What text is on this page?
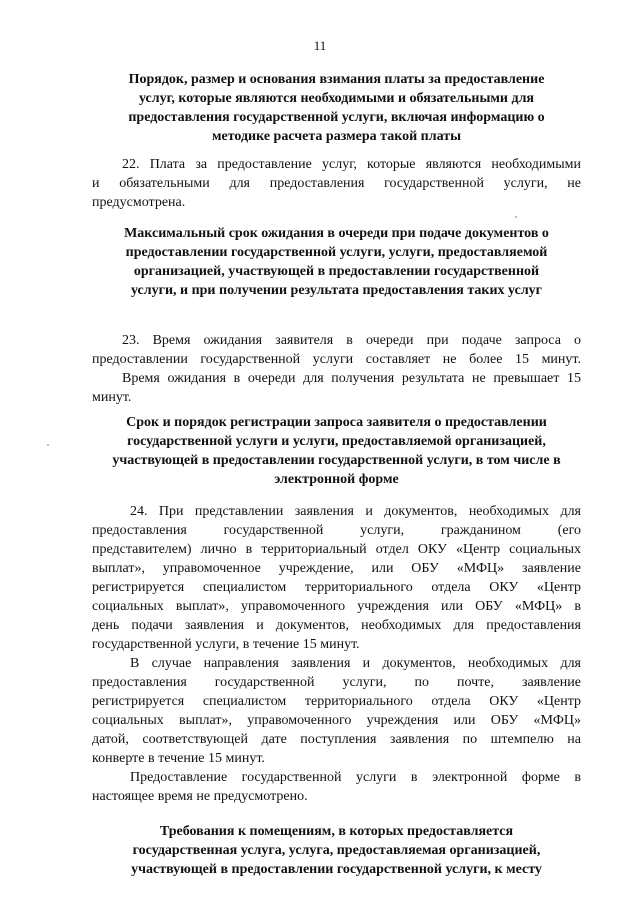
11
Порядок, размер и основания взимания платы за предоставление
услуг, которые являются необходимыми и обязательными для
предоставления государственной услуги, включая информацию о
методике расчета размера такой платы
22. Плата за предоставление услуг, которые являются необходимыми
и обязательными для предоставления государственной услуги, не
предусмотрена.
Максимальный срок ожидания в очереди при подаче документов о
предоставлении государственной услуги, услуги, предоставляемой
организацией, участвующей в предоставлении государственной
услуги, и при получении результата предоставления таких услуг
23. Время ожидания заявителя в очереди при подаче запроса о
предоставлении государственной услуги составляет не более 15 минут.
Время ожидания в очереди для получения результата не превышает 15
минут.
Срок и порядок регистрации запроса заявителя о предоставлении
государственной услуги и услуги, предоставляемой организацией,
участвующей в предоставлении государственной услуги, в том числе в
электронной форме
24. При представлении заявления и документов, необходимых для
предоставления государственной услуги, гражданином (его
представителем) лично в территориальный отдел ОКУ «Центр социальных
выплат», управомоченное учреждение, или ОБУ «МФЦ» заявление
регистрируется специалистом территориального отдела ОКУ «Центр
социальных выплат», управомоченного учреждения или ОБУ «МФЦ» в
день подачи заявления и документов, необходимых для предоставления
государственной услуги, в течение 15 минут.
В случае направления заявления и документов, необходимых для
предоставления государственной услуги, по почте, заявление
регистрируется специалистом территориального отдела ОКУ «Центр
социальных выплат», управомоченного учреждения или ОБУ «МФЦ»
датой, соответствующей дате поступления заявления по штемпелю на
конверте в течение 15 минут.
Предоставление государственной услуги в электронной форме в
настоящее время не предусмотрено.
Требования к помещениям, в которых предоставляется
государственная услуга, услуга, предоставляемая организацией,
участвующей в предоставлении государственной услуги, к месту
